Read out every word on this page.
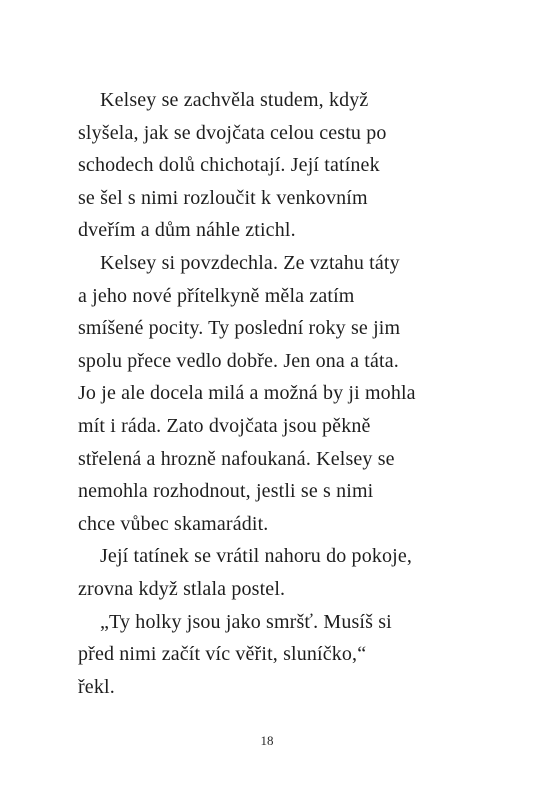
Kelsey se zachvěla studem, když
slyšela, jak se dvojčata celou cestu po
schodech dolů chichotají. Její tatínek
se šel s nimi rozloučit k venkovním
dveřím a dům náhle ztichl.
Kelsey si povzdechla. Ze vztahu táty
a jeho nové přítelkyně měla zatím
smíšené pocity. Ty poslední roky se jim
spolu přece vedlo dobře. Jen ona a táta.
Jo je ale docela milá a možná by ji mohla
mít i ráda. Zato dvojčata jsou pěkně
střelená a hrozně nafoukaná. Kelsey se
nemohla rozhodnout, jestli se s nimi
chce vůbec skamarádit.
Její tatínek se vrátil nahoru do pokoje,
zrovna když stlala postel.
„Ty holky jsou jako smršť. Musíš si
před nimi začít víc věřit, sluníčko,“
řekl.
18
